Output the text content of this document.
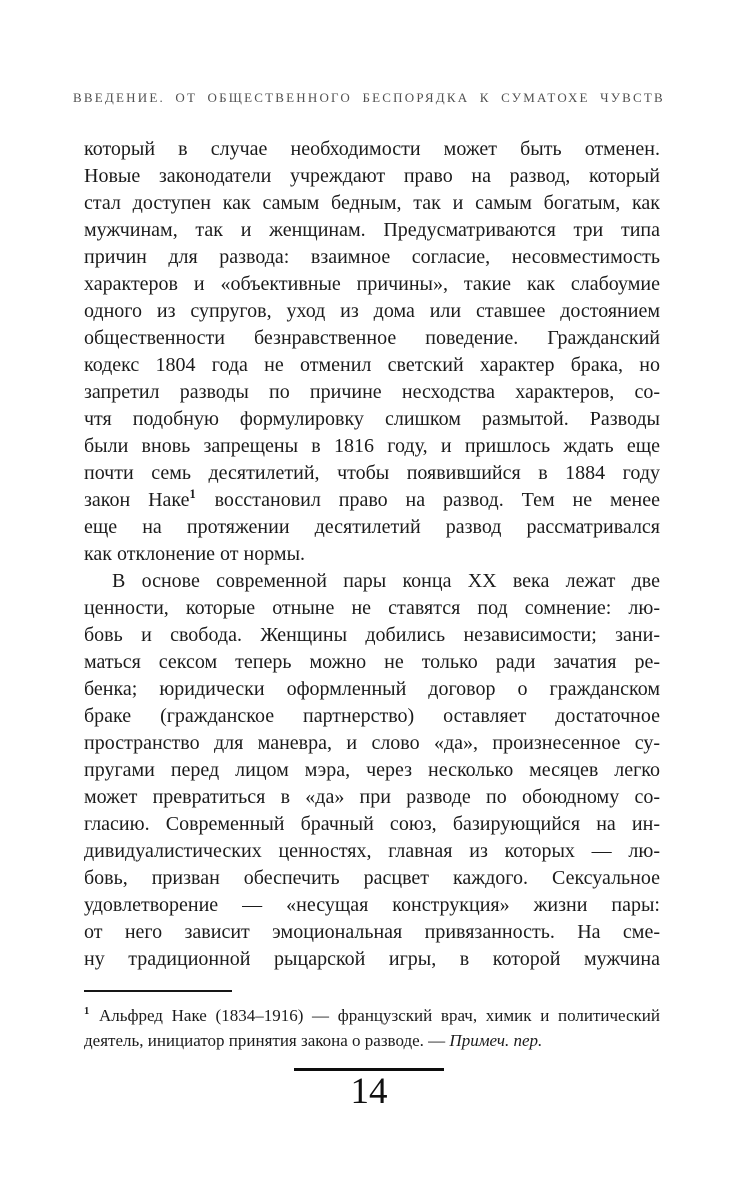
ВВЕДЕНИЕ. ОТ ОБЩЕСТВЕННОГО БЕСПОРЯДКА К СУМАТОХЕ ЧУВСТВ
который в случае необходимости может быть отменен.
Новые законодатели учреждают право на развод, который
стал доступен как самым бедным, так и самым богатым, как
мужчинам, так и женщинам. Предусматриваются три типа
причин для развода: взаимное согласие, несовместимость
характеров и «объективные причины», такие как слабоумие
одного из супругов, уход из дома или ставшее достоянием
общественности безнравственное поведение. Гражданский
кодекс 1804 года не отменил светский характер брака, но
запретил разводы по причине несходства характеров, со-
чтя подобную формулировку слишком размытой. Разводы
были вновь запрещены в 1816 году, и пришлось ждать еще
почти семь десятилетий, чтобы появившийся в 1884 году
закон Наке$^1$ восстановил право на развод. Тем не менее
еще на протяжении десятилетий развод рассматривался
как отклонение от нормы.
В основе современной пары конца XX века лежат две
ценности, которые отныне не ставятся под сомнение: лю-
бовь и свобода. Женщины добились независимости; зани-
маться сексом теперь можно не только ради зачатия ре-
бенка; юридически оформленный договор о гражданском
браке (гражданское партнерство) оставляет достаточное
пространство для маневра, и слово «да», произнесенное су-
пругами перед лицом мэра, через несколько месяцев легко
может превратиться в «да» при разводе по обоюдному со-
гласию. Современный брачный союз, базирующийся на ин-
дивидуалистических ценностях, главная из которых — лю-
бовь, призван обеспечить расцвет каждого. Сексуальное
удовлетворение — «несущая конструкция» жизни пары:
от него зависит эмоциональная привязанность. На сме-
ну традиционной рыцарской игры, в которой мужчина
$^1$ Альфред Наке (1834–1916) — французский врач, химик и политический
деятель, инициатор принятия закона о разводе. — Примеч. пер.
14
